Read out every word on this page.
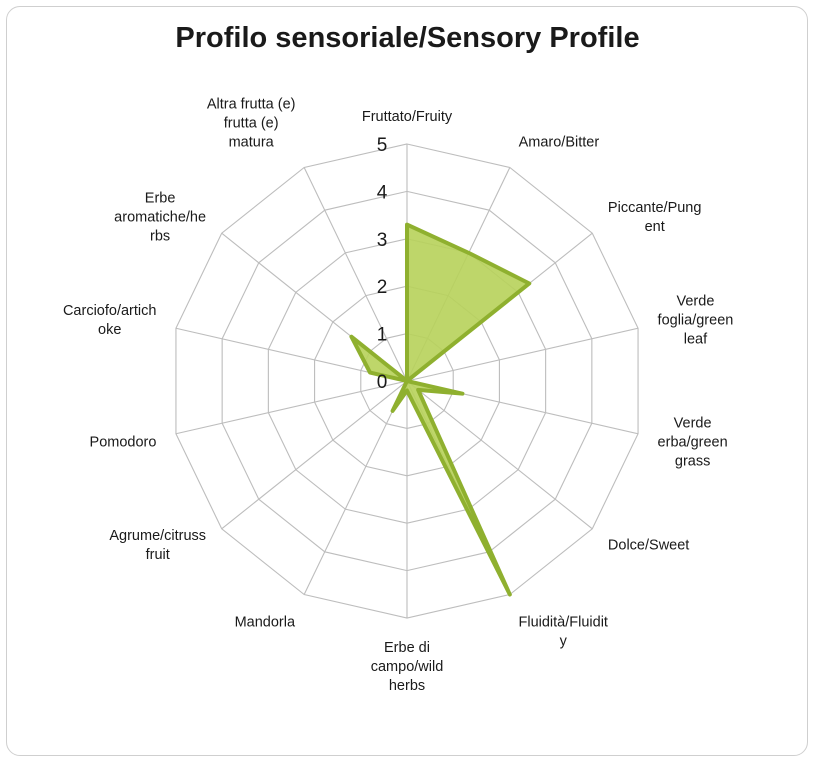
Profilo sensoriale/Sensory Profile
0
1
2
3
4
5
Fruttato/Fruity
Amaro/Bitter
Piccante/Pung ent
Verde foglia/green leaf
Verde erba/green grass
Dolce/Sweet
Fluidità/Fluidit y
Erbe di campo/wild herbs
Mandorla
Agrume/citruss fruit
Pomodoro
Carciofo/artich oke
Erbe aromatiche/he rbs
Altra frutta (e) frutta (e) matura
